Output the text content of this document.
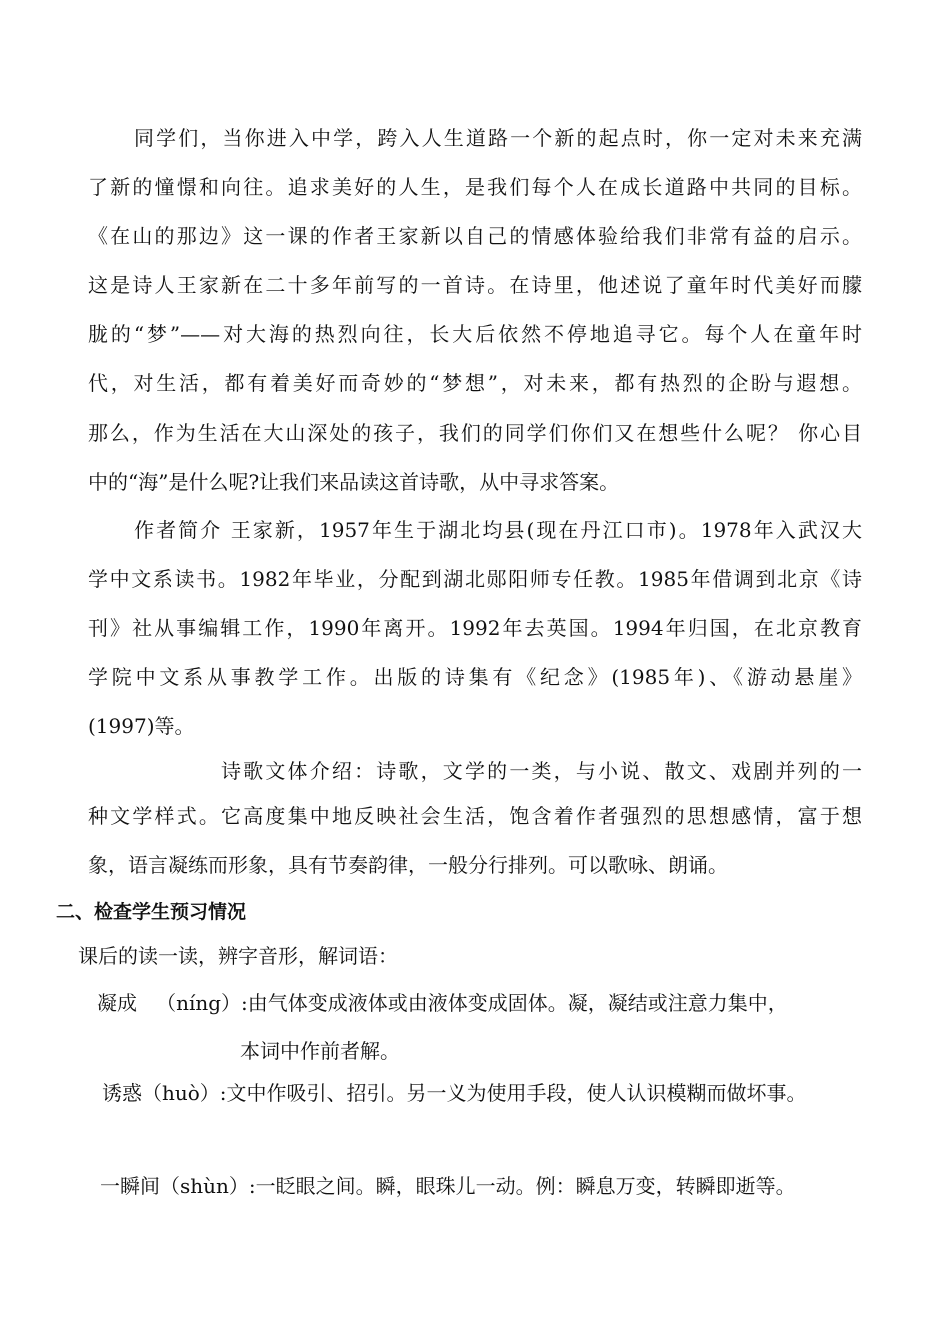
同学们，当你进入中学，跨入人生道路一个新的起点时，你一定对未来充满
了新的憧憬和向往。追求美好的人生，是我们每个人在成长道路中共同的目标。
《在山的那边》这一课的作者王家新以自己的情感体验给我们非常有益的启示。
这是诗人王家新在二十多年前写的一首诗。在诗里，他述说了童年时代美好而朦
胧的“梦”——对大海的热烈向往，长大后依然不停地追寻它。每个人在童年时
代，对生活，都有着美好而奇妙的“梦想”，对未来，都有热烈的企盼与遐想。
那么，作为生活在大山深处的孩子，我们的同学们你们又在想些什么呢？ 你心目
中的“海”是什么呢?让我们来品读这首诗歌，从中寻求答案。
作者简介 王家新，1957年生于湖北均县(现在丹江口市)。1978年入武汉大
学中文系读书。1982年毕业，分配到湖北郧阳师专任教。1985年借调到北京《诗
刊》社从事编辑工作，1990年离开。1992年去英国。1994年归国，在北京教育
学院中文系从事教学工作。出版的诗集有《纪念》(1985年)、《游动悬崖》
(1997)等。
诗歌文体介绍：诗歌，文学的一类，与小说、散文、戏剧并列的一
种文学样式。它高度集中地反映社会生活，饱含着作者强烈的思想感情，富于想
象，语言凝练而形象，具有节奏韵律，一般分行排列。可以歌咏、朗诵。
二、检查学生预习情况
课后的读一读，辨字音形，解词语：
凝成   （níng）:由气体变成液体或由液体变成固体。凝，凝结或注意力集中，
本词中作前者解。
诱惑（huò）:文中作吸引、招引。另一义为使用手段，使人认识模糊而做坏事。
一瞬间（shùn）:一眨眼之间。瞬，眼珠儿一动。例：瞬息万变，转瞬即逝等。
